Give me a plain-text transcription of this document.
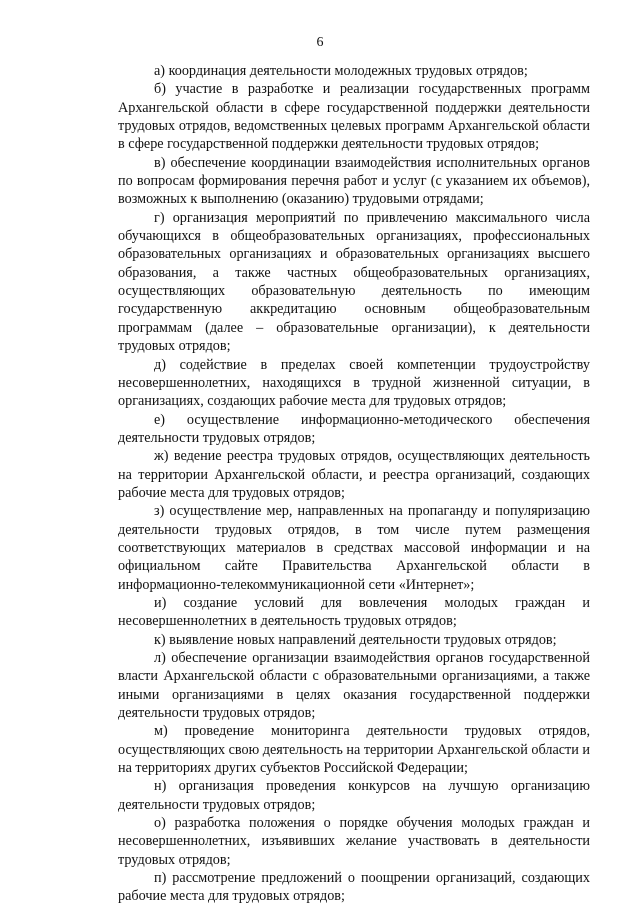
6

а) координация деятельности молодежных трудовых отрядов;

б) участие в разработке и реализации государственных программ Архангельской области в сфере государственной поддержки деятельности трудовых отрядов, ведомственных целевых программ Архангельской области в сфере государственной поддержки деятельности трудовых отрядов;

в) обеспечение координации взаимодействия исполнительных органов по вопросам формирования перечня работ и услуг (с указанием их объемов), возможных к выполнению (оказанию) трудовыми отрядами;

г) организация мероприятий по привлечению максимального числа обучающихся в общеобразовательных организациях, профессиональных образовательных организациях и образовательных организациях высшего образования, а также частных общеобразовательных организациях, осуществляющих образовательную деятельность по имеющим государственную аккредитацию основным общеобразовательным программам (далее – образовательные организации), к деятельности трудовых отрядов;

д) содействие в пределах своей компетенции трудоустройству несовершеннолетних, находящихся в трудной жизненной ситуации, в организациях, создающих рабочие места для трудовых отрядов;

е) осуществление информационно-методического обеспечения деятельности трудовых отрядов;

ж) ведение реестра трудовых отрядов, осуществляющих деятельность на территории Архангельской области, и реестра организаций, создающих рабочие места для трудовых отрядов;

з) осуществление мер, направленных на пропаганду и популяризацию деятельности трудовых отрядов, в том числе путем размещения соответствующих материалов в средствах массовой информации и на официальном сайте Правительства Архангельской области в информационно-телекоммуникационной сети «Интернет»;

и) создание условий для вовлечения молодых граждан и несовершеннолетних в деятельность трудовых отрядов;

к) выявление новых направлений деятельности трудовых отрядов;

л) обеспечение организации взаимодействия органов государственной власти Архангельской области с образовательными организациями, а также иными организациями в целях оказания государственной поддержки деятельности трудовых отрядов;

м) проведение мониторинга деятельности трудовых отрядов, осуществляющих свою деятельность на территории Архангельской области и на территориях других субъектов Российской Федерации;

н) организация проведения конкурсов на лучшую организацию деятельности трудовых отрядов;

о) разработка положения о порядке обучения молодых граждан и несовершеннолетних, изъявивших желание участвовать в деятельности трудовых отрядов;

п) рассмотрение предложений о поощрении организаций, создающих рабочие места для трудовых отрядов;
